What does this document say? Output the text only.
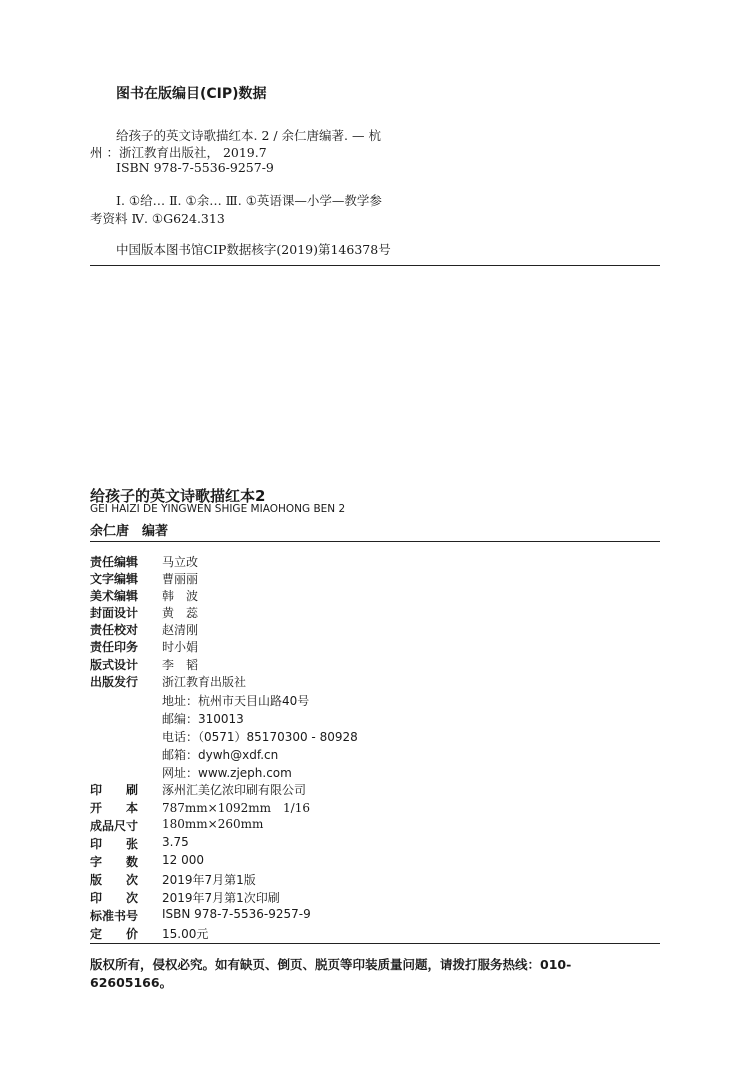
图书在版编目(CIP)数据
给孩子的英文诗歌描红本. 2 / 余仁唐编著. — 杭
州 ：浙江教育出版社， 2019.7
ISBN 978-7-5536-9257-9
Ⅰ. ①给… Ⅱ. ①余… Ⅲ. ①英语课—小学—教学参
考资料 Ⅳ. ①G624.313
中国版本图书馆CIP数据核字(2019)第146378号
给孩子的英文诗歌描红本2
GEI HAIZI DE YINGWEN SHIGE MIAOHONG BEN 2
余仁唐　编著
责任编辑 马立改
文字编辑 曹丽丽
美术编辑 韩　波
封面设计 黄　蕊
责任校对 赵清刚
责任印务 时小娟
版式设计 李　韬
出版发行 浙江教育出版社
地址：杭州市天目山路40号
邮编：310013
电话：（0571）85170300 - 80928
邮箱：dywh@xdf.cn
网址：www.zjeph.com
印　　刷 涿州汇美亿浓印刷有限公司
开　　本 787mm×1092mm　1/16
成品尺寸 180mm×260mm
印　　张 3.75
字　　数 12 000
版　　次 2019年7月第1版
印　　次 2019年7月第1次印刷
标准书号 ISBN 978-7-5536-9257-9
定　　价 15.00元
版权所有，侵权必究。如有缺页、倒页、脱页等印装质量问题，请拨打服务热线：010-
62605166。
